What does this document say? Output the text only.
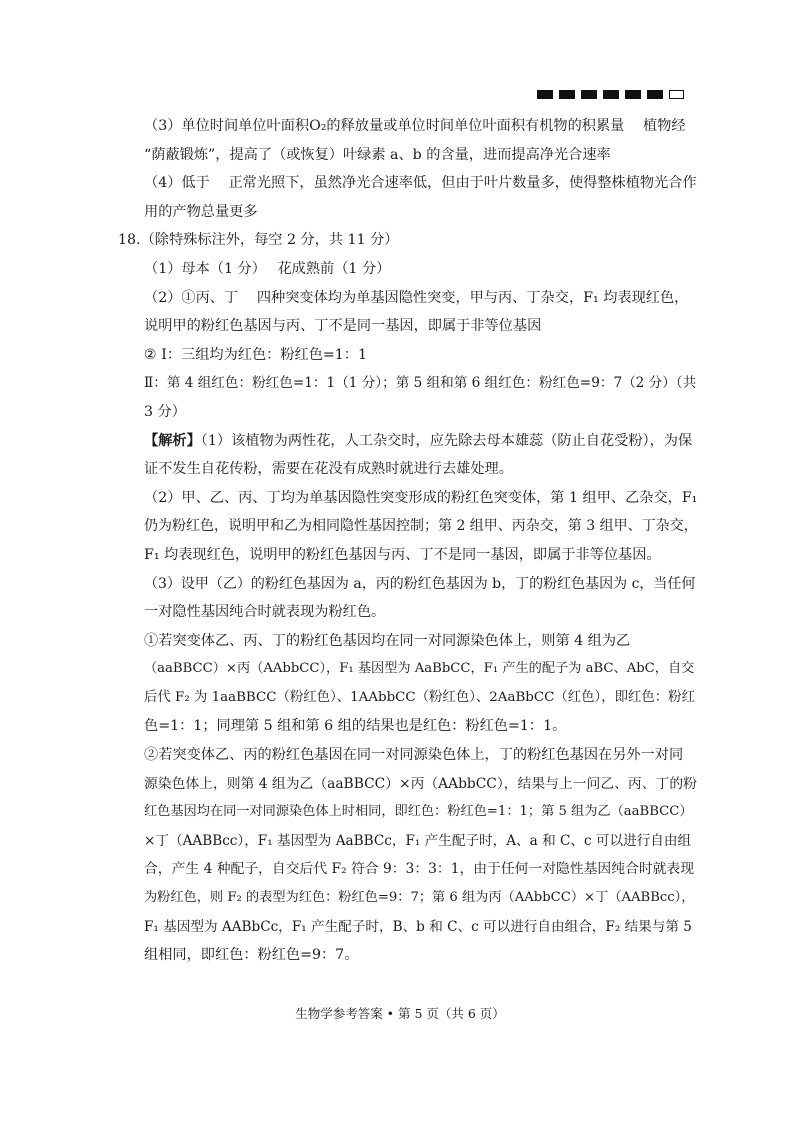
（3）单位时间单位叶面积O₂的释放量或单位时间单位叶面积有机物的积累量　 植物经
“荫蔽锻炼”，提高了（或恢复）叶绿素 a、b 的含量，进而提高净光合速率
（4）低于　 正常光照下，虽然净光合速率低，但由于叶片数量多，使得整株植物光合作
用的产物总量更多
18.（除特殊标注外，每空 2 分，共 11 分）
（1）母本（1 分）　 花成熟前（1 分）
（2）①丙、丁　 四种突变体均为单基因隐性突变，甲与丙、丁杂交，F₁ 均表现红色，
说明甲的粉红色基因与丙、丁不是同一基因，即属于非等位基因
② Ⅰ：三组均为红色：粉红色=1：1
Ⅱ：第 4 组红色：粉红色=1：1（1 分）；第 5 组和第 6 组红色：粉红色=9：7（2 分）（共
3 分）
【解析】（1）该植物为两性花，人工杂交时，应先除去母本雄蕊（防止自花受粉），为保
证不发生自花传粉，需要在花没有成熟时就进行去雄处理。
（2）甲、乙、丙、丁均为单基因隐性突变形成的粉红色突变体，第 1 组甲、乙杂交，F₁
仍为粉红色，说明甲和乙为相同隐性基因控制；第 2 组甲、丙杂交，第 3 组甲、丁杂交，
F₁ 均表现红色，说明甲的粉红色基因与丙、丁不是同一基因，即属于非等位基因。
（3）设甲（乙）的粉红色基因为 a，丙的粉红色基因为 b，丁的粉红色基因为 c，当任何
一对隐性基因纯合时就表现为粉红色。
①若突变体乙、丙、丁的粉红色基因均在同一对同源染色体上，则第 4 组为乙
（aaBBCC）×丙（AAbbCC），F₁ 基因型为 AaBbCC，F₁ 产生的配子为 aBC、AbC，自交
后代 F₂ 为 1aaBBCC（粉红色）、1AAbbCC（粉红色）、2AaBbCC（红色），即红色：粉红
色=1：1；同理第 5 组和第 6 组的结果也是红色：粉红色=1：1。
②若突变体乙、丙的粉红色基因在同一对同源染色体上，丁的粉红色基因在另外一对同
源染色体上，则第 4 组为乙（aaBBCC）×丙（AAbbCC），结果与上一问乙、丙、丁的粉
红色基因均在同一对同源染色体上时相同，即红色：粉红色=1：1；第 5 组为乙（aaBBCC）
×丁（AABBcc），F₁ 基因型为 AaBBCc，F₁ 产生配子时，A、a 和 C、c 可以进行自由组
合，产生 4 种配子，自交后代 F₂ 符合 9：3：3：1，由于任何一对隐性基因纯合时就表现
为粉红色，则 F₂ 的表型为红色：粉红色=9：7；第 6 组为丙（AAbbCC）×丁（AABBcc），
F₁ 基因型为 AABbCc，F₁ 产生配子时，B、b 和 C、c 可以进行自由组合，F₂ 结果与第 5
组相同，即红色：粉红色=9：7。
生物学参考答案 • 第 5 页（共 6 页）
